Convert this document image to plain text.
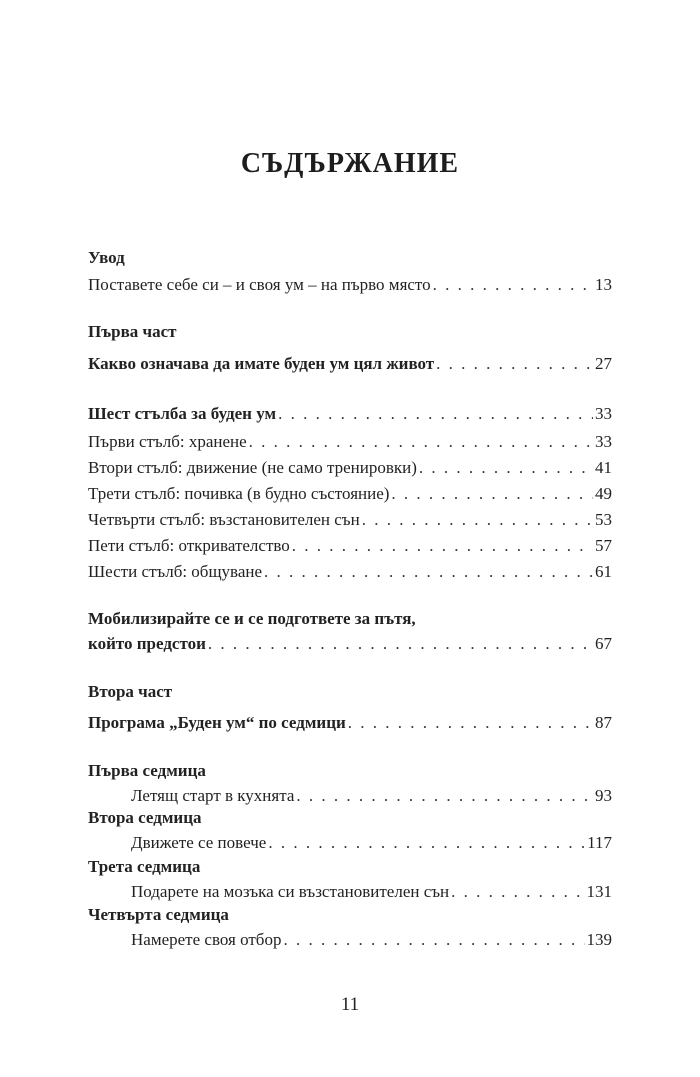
СЪДЪРЖАНИЕ
Увод
Поставете себе си – и своя ум – на първо място . . .	13
Първа част
Какво означава да имате буден ум цял живот . . .	27
Шест стълба за буден ум . . .	33
Първи стълб: хранене . . .	33
Втори стълб: движение (не само тренировки) . . .	41
Трети стълб: почивка (в будно състояние) . . .	49
Четвърти стълб: възстановителен сън . . .	53
Пети стълб: откривателство . . .	57
Шести стълб: общуване . . .	61
Мобилизирайте се и се подгответе за пътя,
който предстои . . .	67
Втора част
Програма „Буден ум“ по седмици . . .	87
Първа седмица
Летящ старт в кухнята . . .	93
Втора седмица
Движете се повече . . .	117
Трета седмица
Подарете на мозъка си възстановителен сън . . .	131
Четвърта седмица
Намерете своя отбор . . .	139
11
